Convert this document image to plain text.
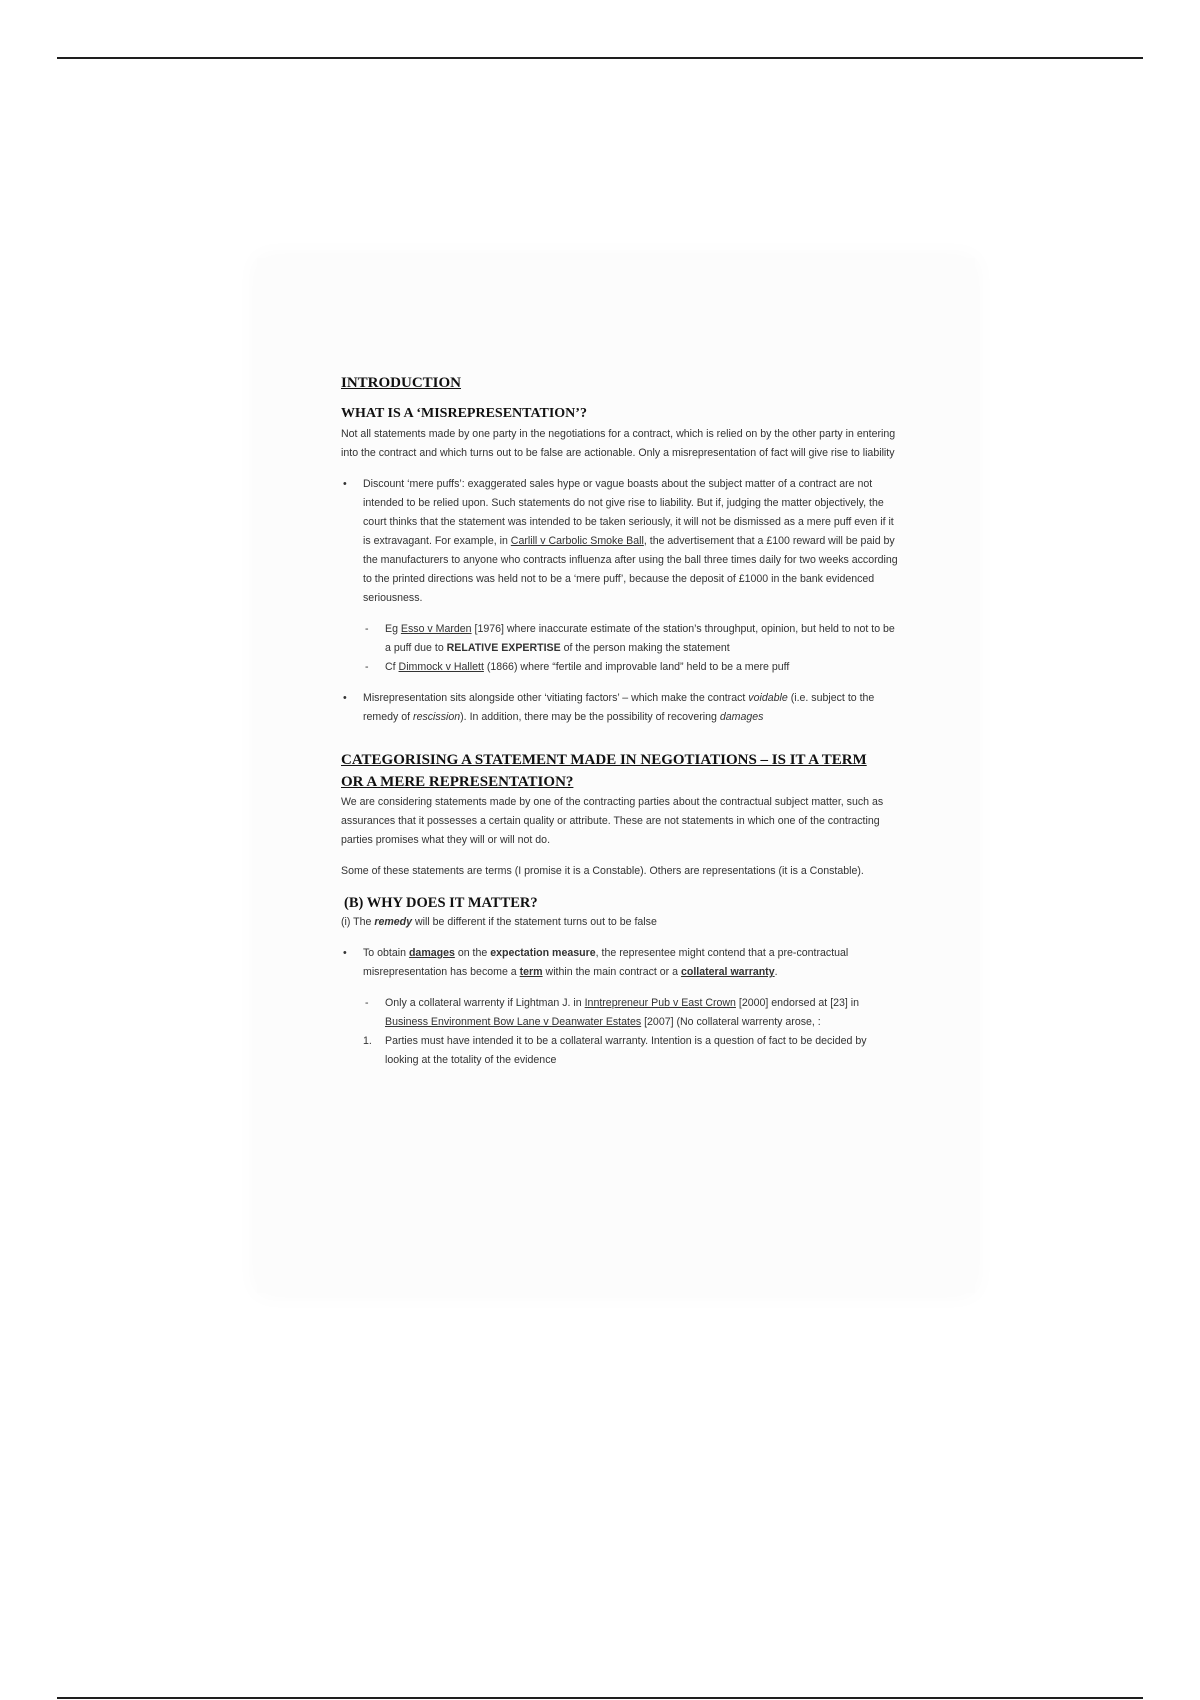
INTRODUCTION
WHAT IS A ‘MISREPRESENTATION’?

Not all statements made by one party in the negotiations for a contract, which is relied on by the other party in entering into the contract and which turns out to be false are actionable. Only a misrepresentation of fact will give rise to liability

• Discount ‘mere puffs’: exaggerated sales hype or vague boasts about the subject matter of a contract are not intended to be relied upon. Such statements do not give rise to liability. But if, judging the matter objectively, the court thinks that the statement was intended to be taken seriously, it will not be dismissed as a mere puff even if it is extravagant. For example, in Carlill v Carbolic Smoke Ball, the advertisement that a £100 reward will be paid by the manufacturers to anyone who contracts influenza after using the ball three times daily for two weeks according to the printed directions was held not to be a ‘mere puff’, because the deposit of £1000 in the bank evidenced seriousness.
- Eg Esso v Marden [1976] where inaccurate estimate of the station’s throughput, opinion, but held to not to be a puff due to RELATIVE EXPERTISE of the person making the statement
- Cf Dimmock v Hallett (1866) where “fertile and improvable land” held to be a mere puff
• Misrepresentation sits alongside other ‘vitiating factors’ – which make the contract voidable (i.e. subject to the remedy of rescission). In addition, there may be the possibility of recovering damages
CATEGORISING A STATEMENT MADE IN NEGOTIATIONS – IS IT A TERM
OR A MERE REPRESENTATION?

We are considering statements made by one of the contracting parties about the contractual subject matter, such as assurances that it possesses a certain quality or attribute. These are not statements in which one of the contracting parties promises what they will or will not do.

Some of these statements are terms (I promise it is a Constable). Others are representations (it is a Constable).

(B) WHY DOES IT MATTER?

(i) The remedy will be different if the statement turns out to be false

• To obtain damages on the expectation measure, the representee might contend that a pre-contractual misrepresentation has become a term within the main contract or a collateral warranty.
- Only a collateral warrenty if Lightman J. in Inntrepreneur Pub v East Crown [2000] endorsed at [23] in Business Environment Bow Lane v Deanwater Estates [2007] (No collateral warrenty arose, :
1. Parties must have intended it to be a collateral warranty. Intention is a question of fact to be decided by looking at the totality of the evidence
